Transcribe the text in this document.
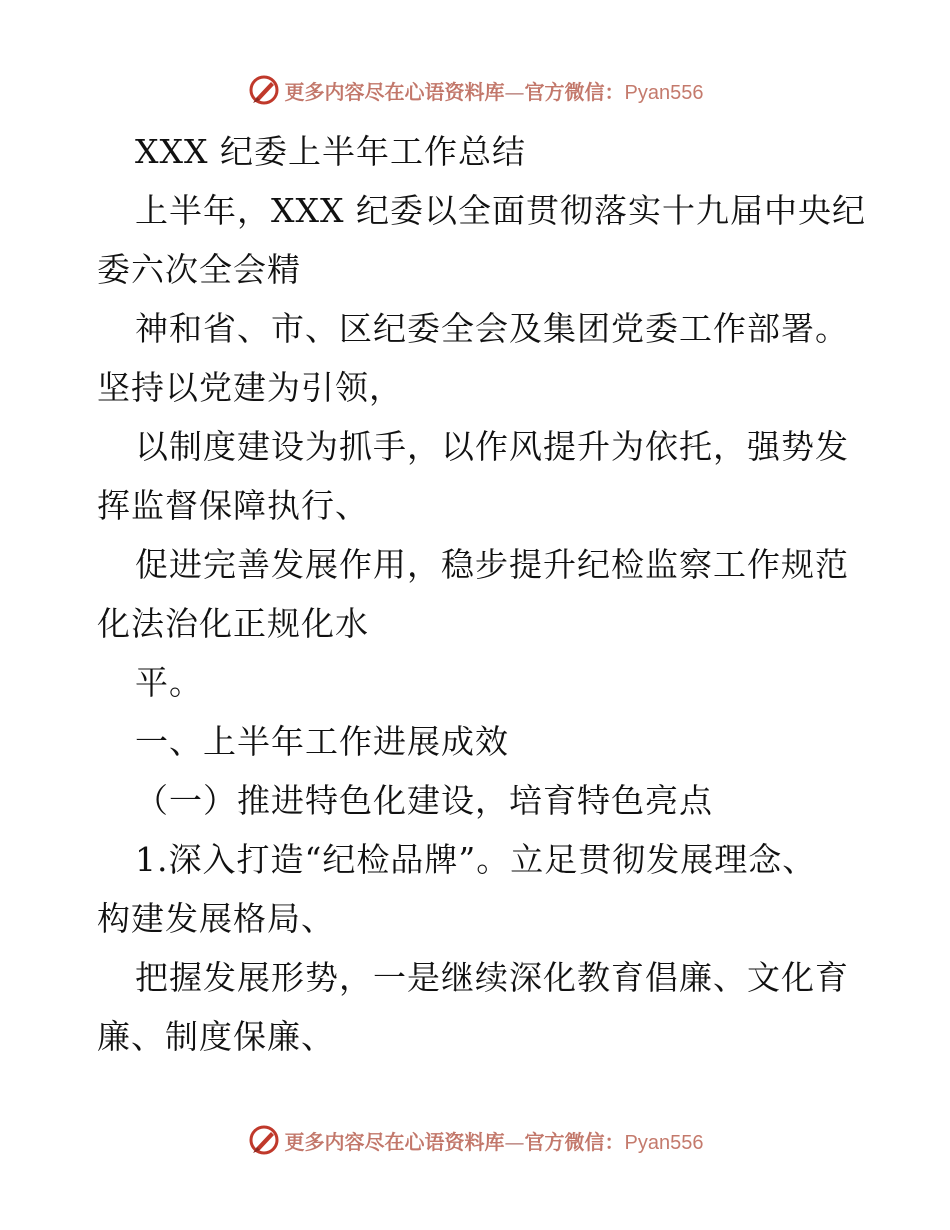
更多内容尽在心语资料库—官方微信：Pyan556
XXX 纪委上半年工作总结
上半年，XXX 纪委以全面贯彻落实十九届中央纪
委六次全会精
神和省、市、区纪委全会及集团党委工作部署。
坚持以党建为引领，
以制度建设为抓手，以作风提升为依托，强势发
挥监督保障执行、
促进完善发展作用，稳步提升纪检监察工作规范
化法治化正规化水
平。
一、上半年工作进展成效
（一）推进特色化建设，培育特色亮点
1.深入打造“纪检品牌”。立足贯彻发展理念、
构建发展格局、
把握发展形势，一是继续深化教育倡廉、文化育
廉、制度保廉、
更多内容尽在心语资料库—官方微信：Pyan556
